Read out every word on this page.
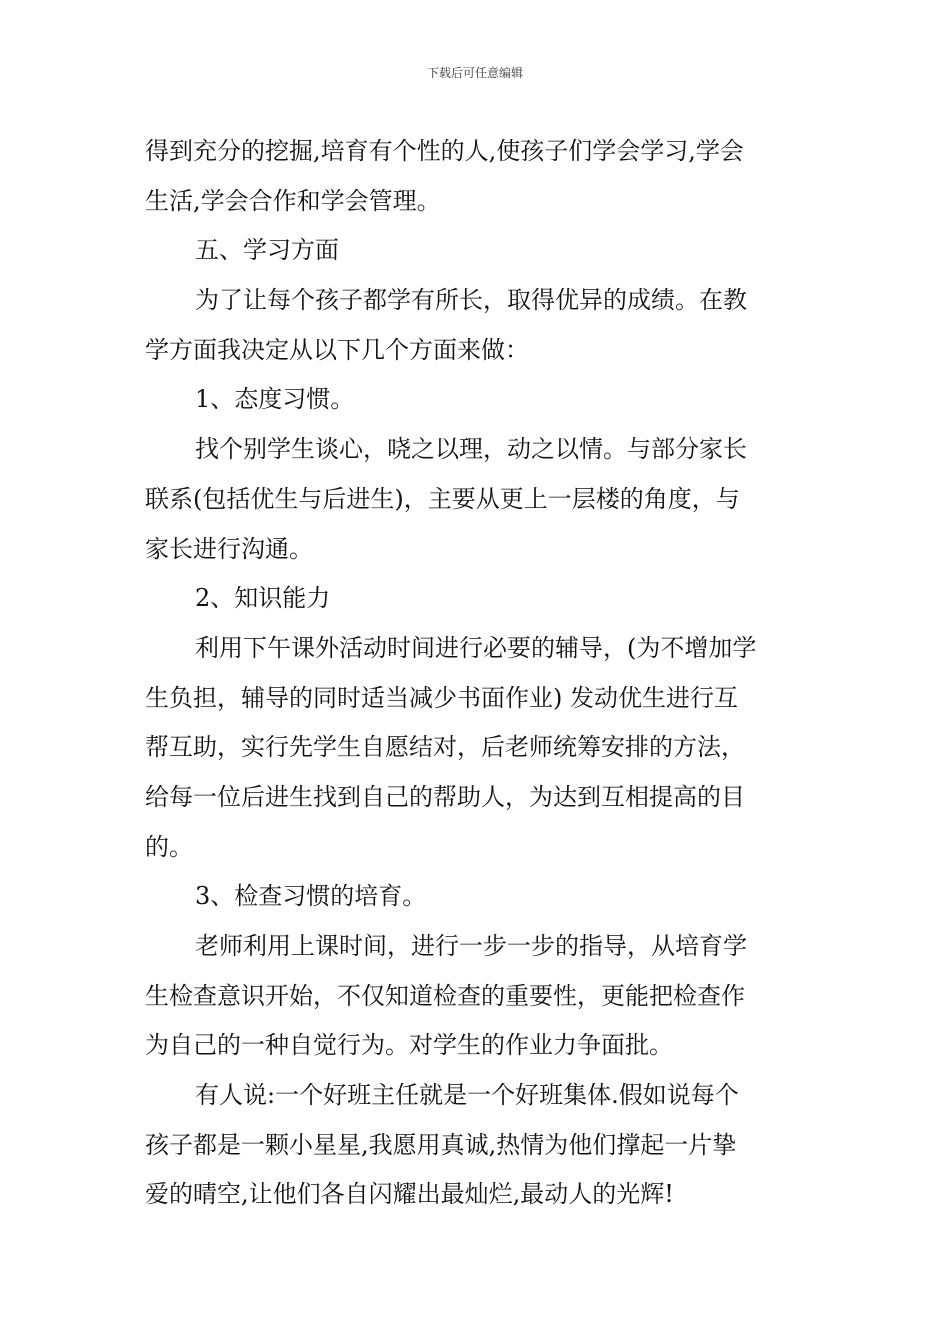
下载后可任意编辑
得到充分的挖掘,培育有个性的人,使孩子们学会学习,学会
生活,学会合作和学会管理。
五、学习方面
为了让每个孩子都学有所长，取得优异的成绩。在教
学方面我决定从以下几个方面来做：
1、态度习惯。
找个别学生谈心，哓之以理，动之以情。与部分家长
联系(包括优生与后进生)，主要从更上一层楼的角度，与
家长进行沟通。
2、知识能力
利用下午课外活动时间进行必要的辅导，(为不增加学
生负担，辅导的同时适当减少书面作业) 发动优生进行互
帮互助，实行先学生自愿结对，后老师统筹安排的方法，
给每一位后进生找到自己的帮助人，为达到互相提高的目
的。
3、检查习惯的培育。
老师利用上课时间，进行一步一步的指导，从培育学
生检查意识开始，不仅知道检查的重要性，更能把检查作
为自己的一种自觉行为。对学生的作业力争面批。
有人说:一个好班主任就是一个好班集体.假如说每个
孩子都是一颗小星星,我愿用真诚,热情为他们撑起一片挚
爱的晴空,让他们各自闪耀出最灿烂,最动人的光辉!
